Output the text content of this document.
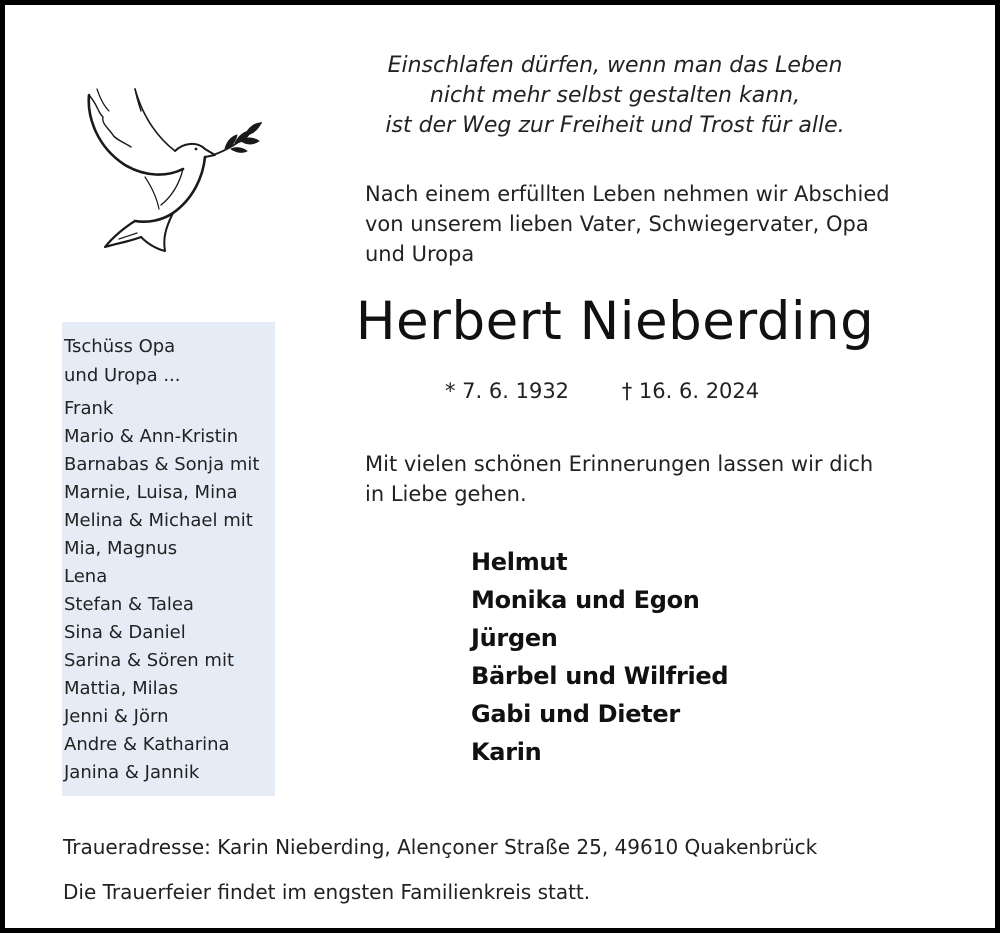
Einschlafen dürfen, wenn man das Leben
nicht mehr selbst gestalten kann,
ist der Weg zur Freiheit und Trost für alle.
Nach einem erfüllten Leben nehmen wir Abschied
von unserem lieben Vater, Schwiegervater, Opa
und Uropa
Herbert Nieberding
* 7. 6. 1932	† 16. 6. 2024
Mit vielen schönen Erinnerungen lassen wir dich
in Liebe gehen.
Helmut
Monika und Egon
Jürgen
Bärbel und Wilfried
Gabi und Dieter
Karin
Tschüss Opa
und Uropa ...
Frank
Mario & Ann-Kristin
Barnabas & Sonja mit
Marnie, Luisa, Mina
Melina & Michael mit
Mia, Magnus
Lena
Stefan & Talea
Sina & Daniel
Sarina & Sören mit
Mattia, Milas
Jenni & Jörn
Andre & Katharina
Janina & Jannik
Traueradresse: Karin Nieberding, Alençoner Straße 25, 49610 Quakenbrück
Die Trauerfeier findet im engsten Familienkreis statt.
